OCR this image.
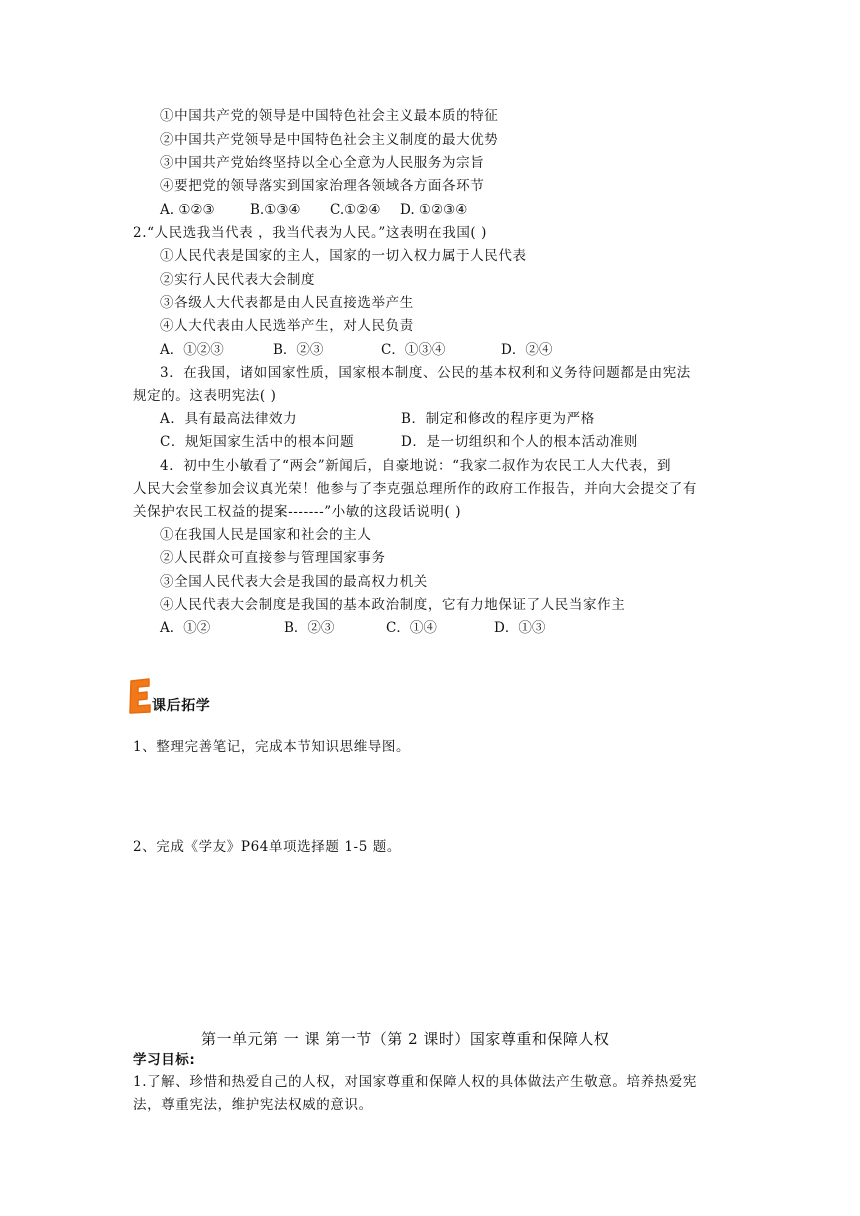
①中国共产党的领导是中国特色社会主义最本质的特征
②中国共产党领导是中国特色社会主义制度的最大优势
③中国共产党始终坚持以全心全意为人民服务为宗旨
④要把党的领导落实到国家治理各领域各方面各环节
A. ①②③	B.①③④ C.①②④ D. ①②③④
2.“人民选我当代表 ，我当代表为人民。”这表明在我国( )
①人民代表是国家的主人，国家的一切入权力属于人民代表
②实行人民代表大会制度
③各级人大代表都是由人民直接选举产生
④人大代表由人民选举产生，对人民负责
A．①②③	B．②③	C．①③④	D．②④
3．在我国，诸如国家性质，国家根本制度、公民的基本权利和义务待问题都是由宪法
规定的。这表明宪法( )
A．具有最高法律效力	B．制定和修改的程序更为严格
C．规矩国家生活中的根本问题	D．是一切组织和个人的根本活动准则
4．初中生小敏看了“两会”新闻后，自豪地说：“我家二叔作为农民工人大代表，到
人民大会堂参加会议真光荣！他参与了李克强总理所作的政府工作报告，并向大会提交了有
关保护农民工权益的提案-------”小敏的这段话说明( )
①在我国人民是国家和社会的主人
②人民群众可直接参与管理国家事务
③全国人民代表大会是我国的最高权力机关
④人民代表大会制度是我国的基本政治制度，它有力地保证了人民当家作主
A．①②	B．②③	C．①④	D．①③
课后拓学
1、整理完善笔记，完成本节知识思维导图。
2、完成《学友》P64单项选择题 1-5 题。
第一单元第 一 课 第一节（第 2 课时）国家尊重和保障人权
学习目标:
1.了解、珍惜和热爱自己的人权，对国家尊重和保障人权的具体做法产生敬意。培养热爱宪
法，尊重宪法，维护宪法权威的意识。
